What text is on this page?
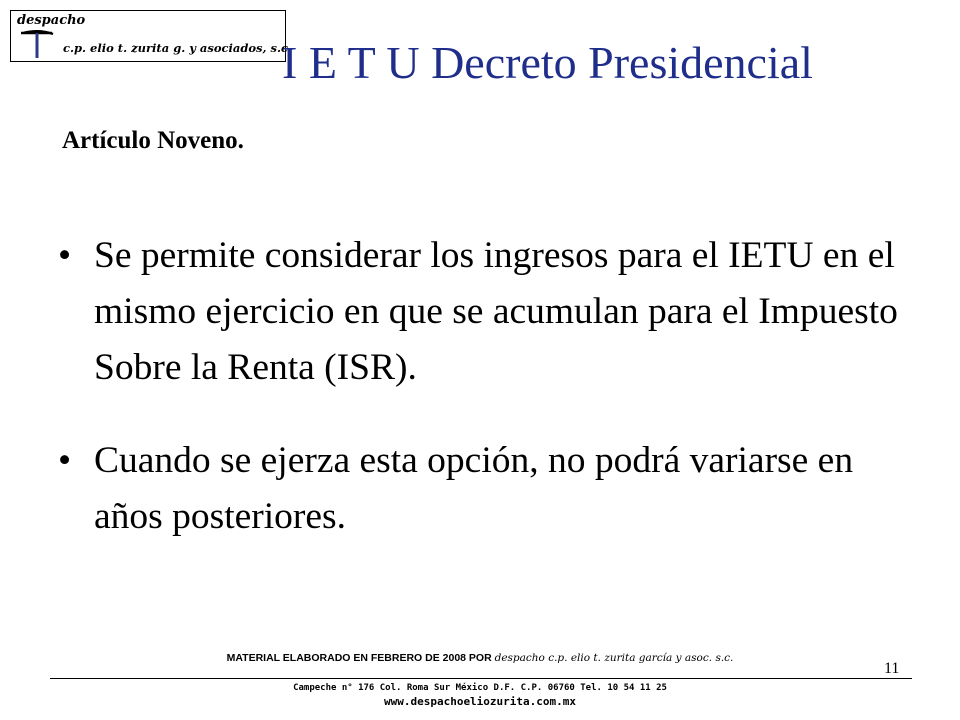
despacho
c.p. elio t. zurita g. y asociados, s.c.
I E T U Decreto Presidencial
Artículo Noveno.
• Se permite considerar los ingresos para el IETU en el mismo ejercicio en que se acumulan para el Impuesto Sobre la Renta (ISR).
• Cuando se ejerza esta opción, no podrá variarse en años posteriores.
MATERIAL ELABORADO EN FEBRERO DE 2008 POR despacho c.p. elio t. zurita garcía y asoc. s.c.
11
Campeche n° 176 Col. Roma Sur México D.F. C.P. 06760 Tel. 10 54 11 25
www.despachoeliozurita.com.mx
